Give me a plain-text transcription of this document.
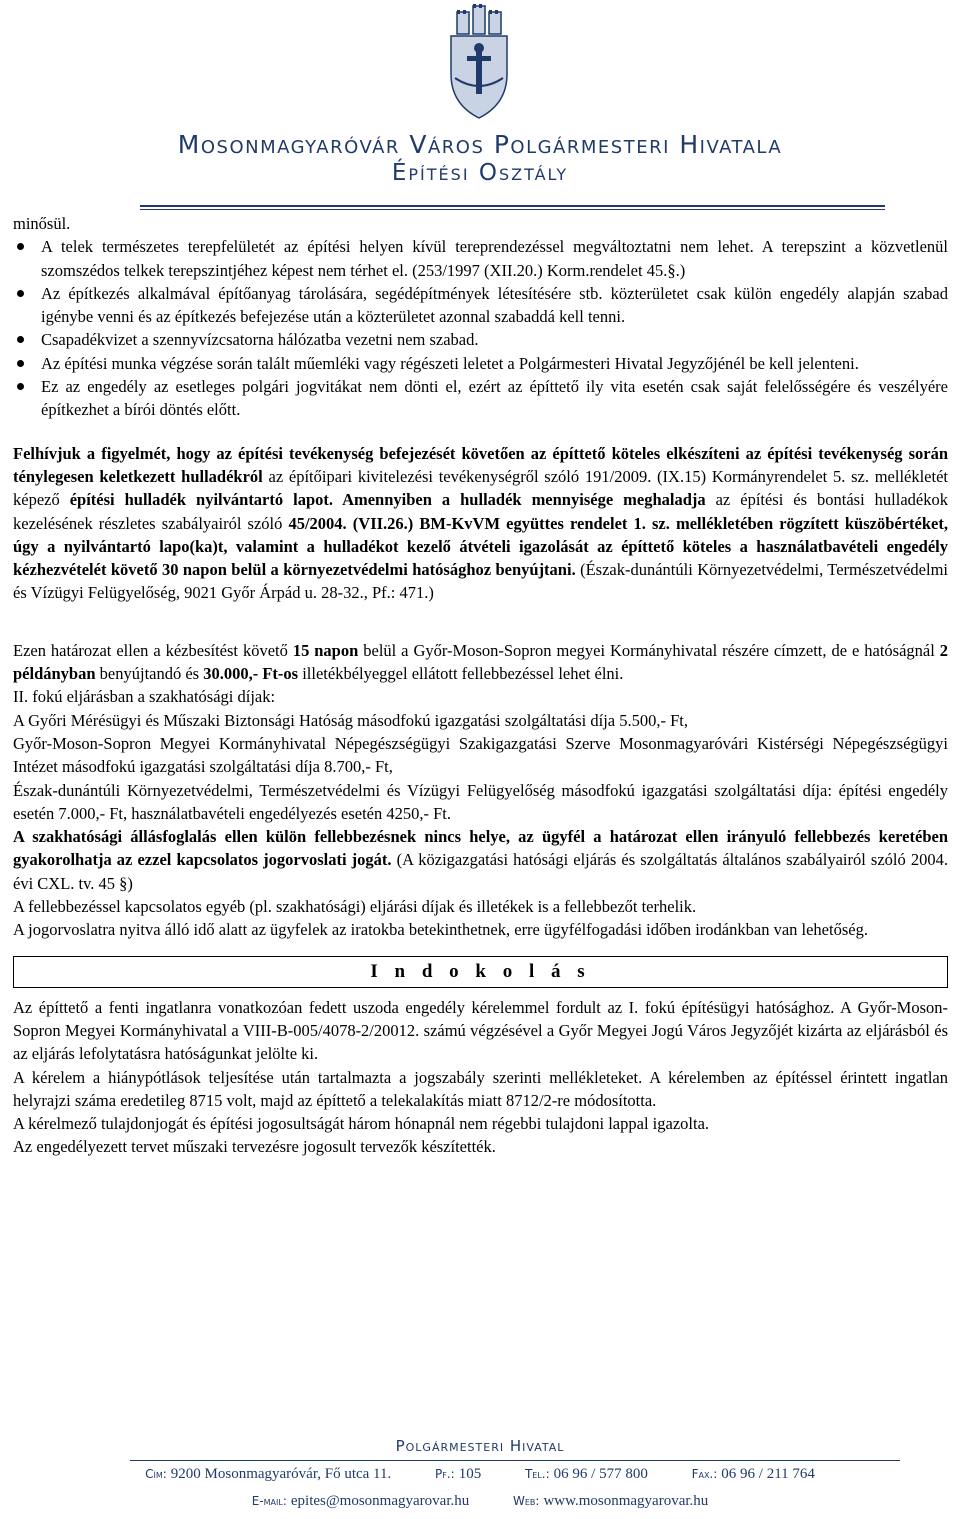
Mosonmagyaróvár Város Polgármesteri Hivatala
Építési Osztály

minősül.

A telek természetes terepfelületét az építési helyen kívül tereprendezéssel megváltoztatni nem lehet. A terepszint a közvetlenül szomszédos telkek terepszintjéhez képest nem térhet el. (253/1997 (XII.20.) Korm.rendelet 45.§.)
Az építkezés alkalmával építőanyag tárolására, segédépítmények létesítésére stb. közterületet csak külön engedély alapján szabad igénybe venni és az építkezés befejezése után a közterületet azonnal szabaddá kell tenni.
Csapadékvizet a szennyvízcsatorna hálózatba vezetni nem szabad.
Az építési munka végzése során talált műemléki vagy régészeti leletet a Polgármesteri Hivatal Jegyzőjénél be kell jelenteni.
Ez az engedély az esetleges polgári jogvitákat nem dönti el, ezért az építtető ily vita esetén csak saját felelősségére és veszélyére építkezhet a bírói döntés előtt.

Felhívjuk a figyelmét, hogy az építési tevékenység befejezését követően az építtető köteles elkészíteni az építési tevékenység során ténylegesen keletkezett hulladékról az építőipari kivitelezési tevékenységről szóló 191/2009. (IX.15) Kormányrendelet 5. sz. mellékletét képező építési hulladék nyilvántartó lapot. Amennyiben a hulladék mennyisége meghaladja az építési és bontási hulladékok kezelésének részletes szabályairól szóló 45/2004. (VII.26.) BM-KvVM együttes rendelet 1. sz. mellékletében rögzített küszöbértéket, úgy a nyilvántartó lapo(ka)t, valamint a hulladékot kezelő átvételi igazolását az építtető köteles a használatbavételi engedély kézhezvételét követő 30 napon belül a környezetvédelmi hatósághoz benyújtani. (Észak-dunántúli Környezetvédelmi, Természetvédelmi és Vízügyi Felügyelőség, 9021 Győr Árpád u. 28-32., Pf.: 471.)

Ezen határozat ellen a kézbesítést követő 15 napon belül a Győr-Moson-Sopron megyei Kormányhivatal részére címzett, de e hatóságnál 2 példányban benyújtandó és 30.000,- Ft-os illetékbélyeggel ellátott fellebbezéssel lehet élni.

II. fokú eljárásban a szakhatósági díjak:

A Győri Mérésügyi és Műszaki Biztonsági Hatóság másodfokú igazgatási szolgáltatási díja 5.500,- Ft,

Győr-Moson-Sopron Megyei Kormányhivatal Népegészségügyi Szakigazgatási Szerve Mosonmagyaróvári Kistérségi Népegészségügyi Intézet másodfokú igazgatási szolgáltatási díja 8.700,- Ft,

Észak-dunántúli Környezetvédelmi, Természetvédelmi és Vízügyi Felügyelőség másodfokú igazgatási szolgáltatási díja: építési engedély esetén 7.000,- Ft, használatbavételi engedélyezés esetén 4250,- Ft.

A szakhatósági állásfoglalás ellen külön fellebbezésnek nincs helye, az ügyfél a határozat ellen irányuló fellebbezés keretében gyakorolhatja az ezzel kapcsolatos jogorvoslati jogát. (A közigazgatási hatósági eljárás és szolgáltatás általános szabályairól szóló 2004. évi CXL. tv. 45 §)

A fellebbezéssel kapcsolatos egyéb (pl. szakhatósági) eljárási díjak és illetékek is a fellebbezőt terhelik.

A jogorvoslatra nyitva álló idő alatt az ügyfelek az iratokba betekinthetnek, erre ügyfélfogadási időben irodánkban van lehetőség.

I n d o k o l á s

Az építtető a fenti ingatlanra vonatkozóan fedett uszoda engedély kérelemmel fordult az I. fokú építésügyi hatósághoz. A Győr-Moson-Sopron Megyei Kormányhivatal a VIII-B-005/4078-2/20012. számú végzésével a Győr Megyei Jogú Város Jegyzőjét kizárta az eljárásból és az eljárás lefolytatásra hatóságunkat jelölte ki.

A kérelem a hiánypótlások teljesítése után tartalmazta a jogszabály szerinti mellékleteket. A kérelemben az építéssel érintett ingatlan helyrajzi száma eredetileg 8715 volt, majd az építtető a telekalakítás miatt 8712/2-re módosította.

A kérelmező tulajdonjogát és építési jogosultságát három hónapnál nem régebbi tulajdoni lappal igazolta.

Az engedélyezett tervet műszaki tervezésre jogosult tervezők készítették.

Polgármesteri Hivatal
Cím: 9200 Mosonmagyaróvár, Fő utca 11.	Pf.: 105	Tel.: 06 96 / 577 800	Fax.: 06 96 / 211 764
E-mail: epites@mosonmagyarovar.hu	Web: www.mosonmagyarovar.hu
